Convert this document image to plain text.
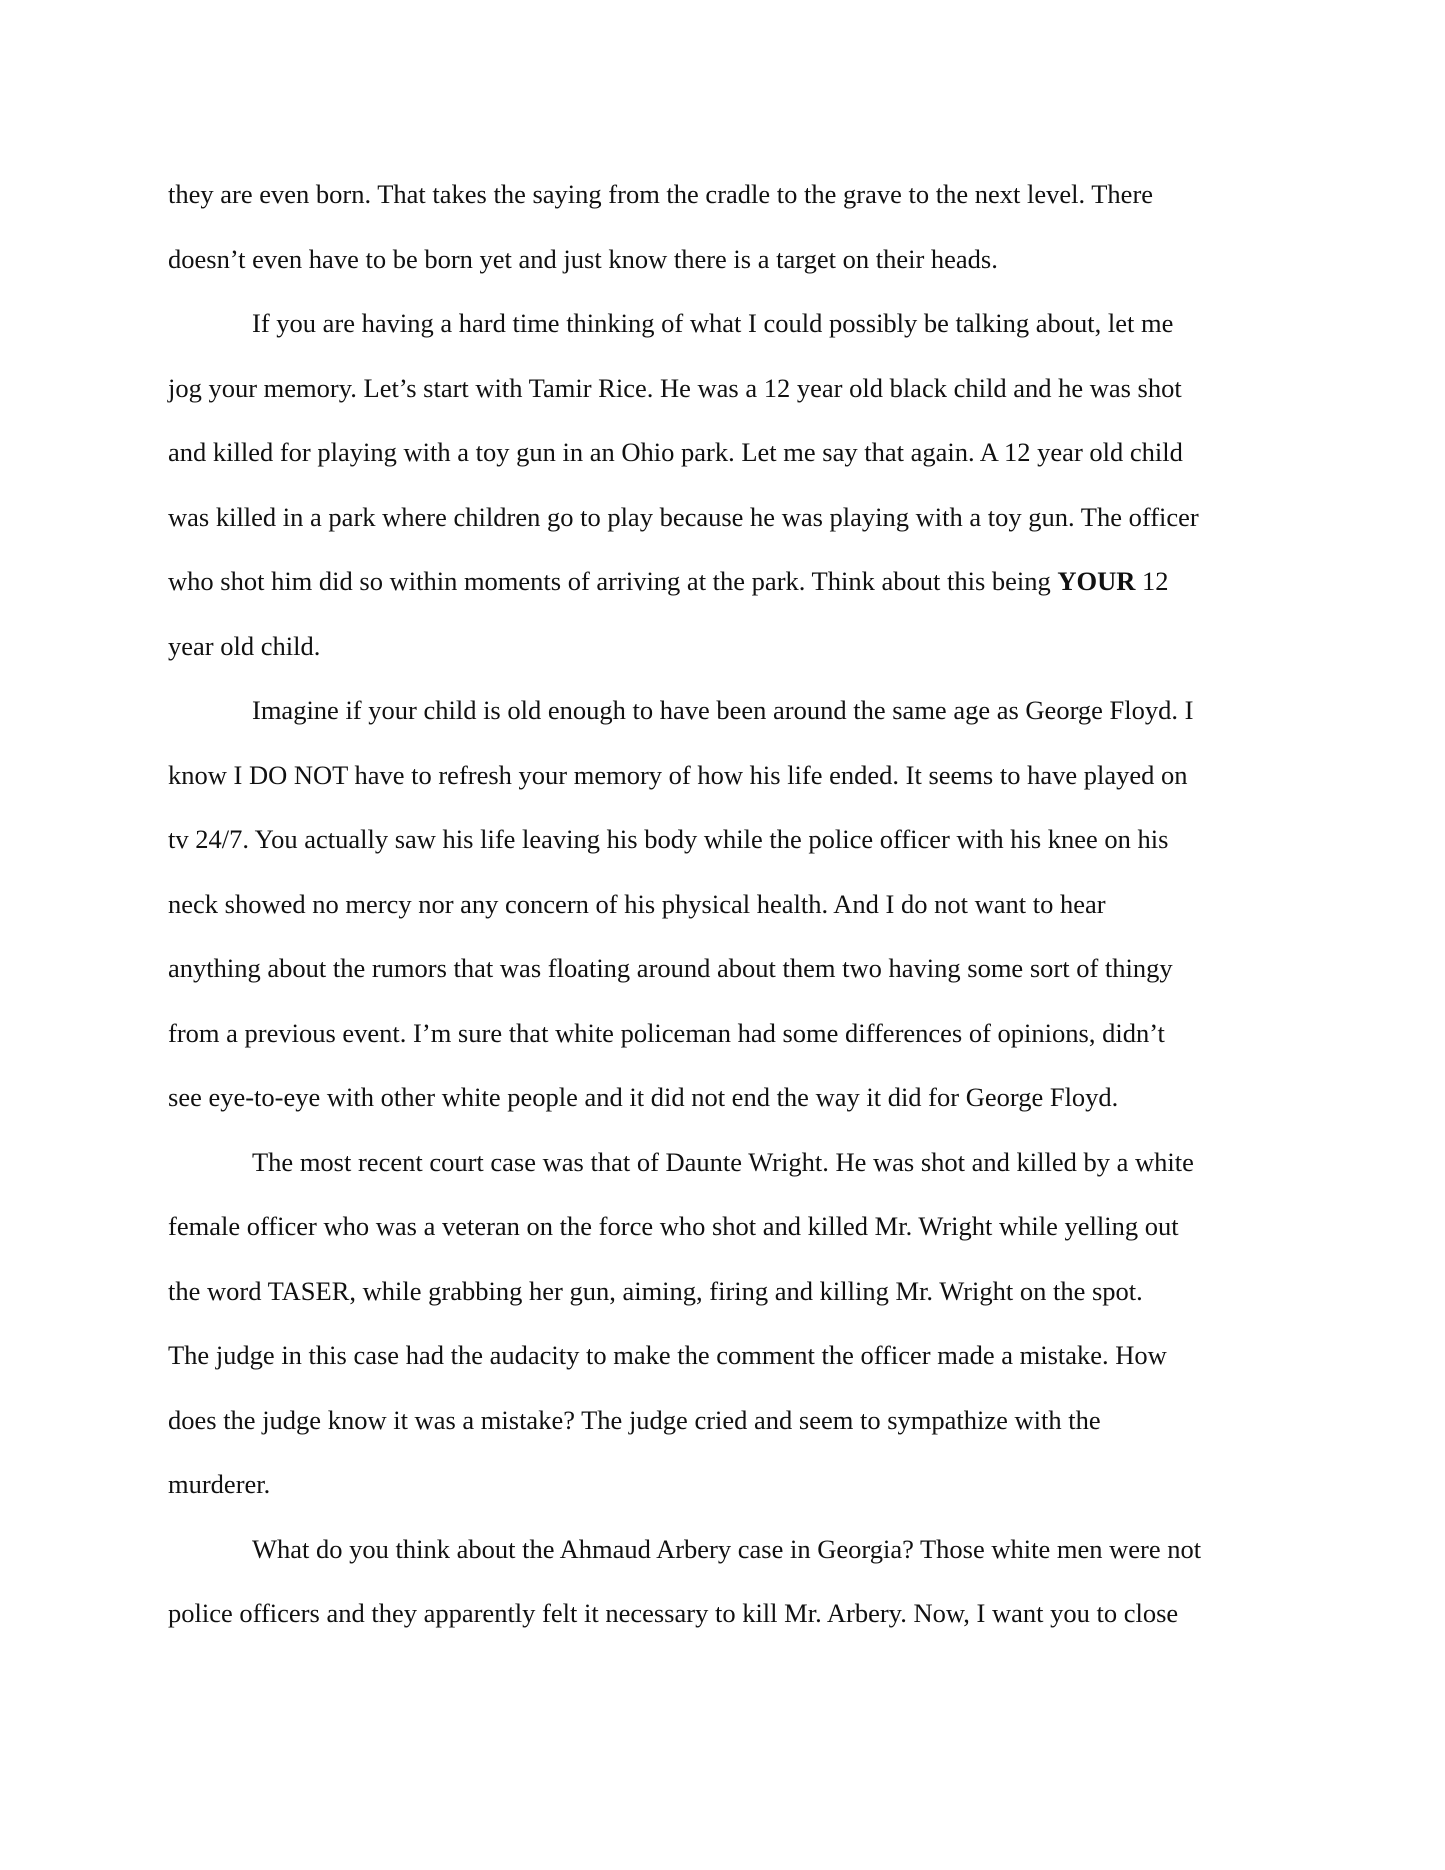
they are even born. That takes the saying from the cradle to the grave to the next level. There
doesn’t even have to be born yet and just know there is a target on their heads.
If you are having a hard time thinking of what I could possibly be talking about, let me
jog your memory. Let’s start with Tamir Rice. He was a 12 year old black child and he was shot
and killed for playing with a toy gun in an Ohio park. Let me say that again. A 12 year old child
was killed in a park where children go to play because he was playing with a toy gun. The officer
who shot him did so within moments of arriving at the park. Think about this being YOUR 12
year old child.
Imagine if your child is old enough to have been around the same age as George Floyd. I
know I DO NOT have to refresh your memory of how his life ended. It seems to have played on
tv 24/7. You actually saw his life leaving his body while the police officer with his knee on his
neck showed no mercy nor any concern of his physical health. And I do not want to hear
anything about the rumors that was floating around about them two having some sort of thingy
from a previous event. I’m sure that white policeman had some differences of opinions, didn’t
see eye-to-eye with other white people and it did not end the way it did for George Floyd.
The most recent court case was that of Daunte Wright. He was shot and killed by a white
female officer who was a veteran on the force who shot and killed Mr. Wright while yelling out
the word TASER, while grabbing her gun, aiming, firing and killing Mr. Wright on the spot.
The judge in this case had the audacity to make the comment the officer made a mistake. How
does the judge know it was a mistake? The judge cried and seem to sympathize with the
murderer.
What do you think about the Ahmaud Arbery case in Georgia? Those white men were not
police officers and they apparently felt it necessary to kill Mr. Arbery. Now, I want you to close
